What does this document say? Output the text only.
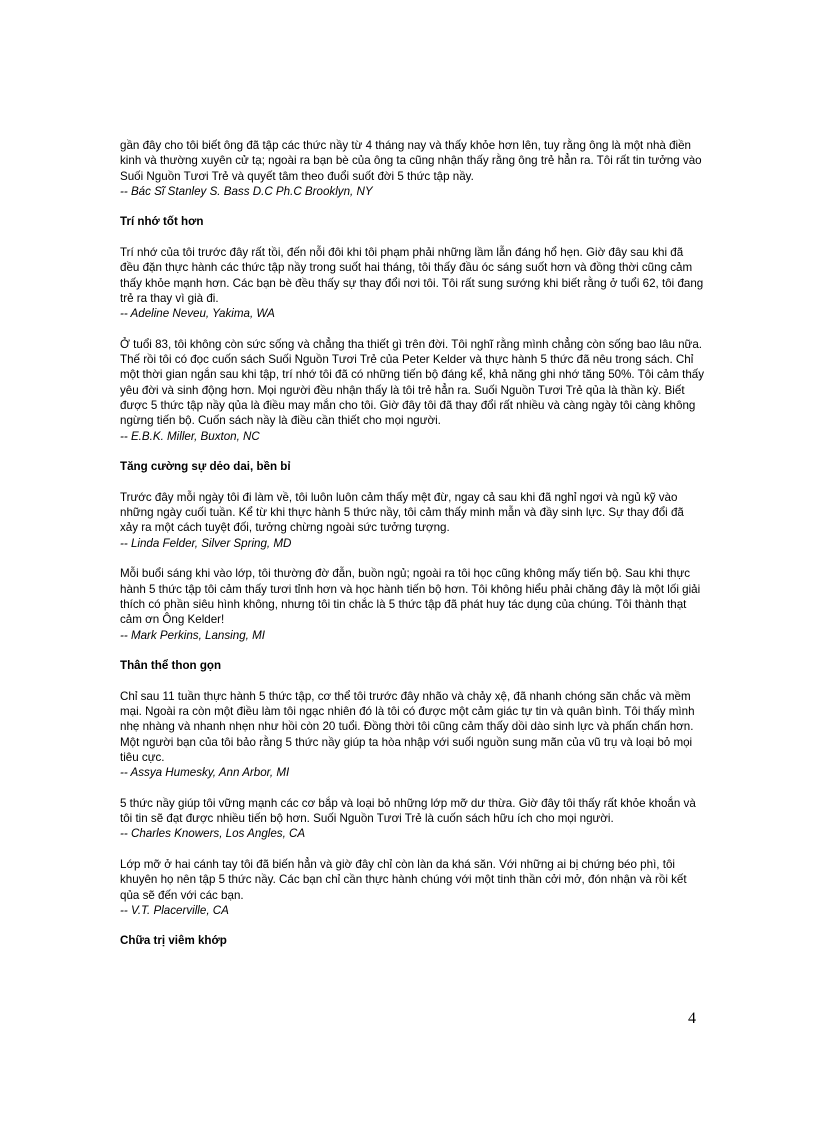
gần đây cho tôi biết ông đã tập các thức nầy từ 4 tháng nay và thấy khỏe hơn lên, tuy rằng ông là một nhà điền kinh và thường xuyên cử tạ; ngoài ra bạn bè của ông ta cũng nhận thấy rằng ông trẻ hẳn ra. Tôi rất tin tưởng vào Suối Nguồn Tươi Trẻ và quyết tâm theo đuổi suốt đời 5 thức tập nầy.
-- Bác Sĩ Stanley S. Bass D.C Ph.C Brooklyn, NY
Trí nhớ tốt hơn
Trí nhớ của tôi trước đây rất tồi, đến nỗi đôi khi tôi phạm phải những lầm lẫn đáng hổ hẹn. Giờ đây sau khi đã đều đặn thực hành các thức tập nầy trong suốt hai tháng, tôi thấy đầu óc sáng suốt hơn và đồng thời cũng cảm thấy khỏe mạnh hơn. Các bạn bè đều thấy sự thay đổi nơi tôi. Tôi rất sung sướng khi biết rằng ở tuổi 62, tôi đang trẻ ra thay vì già đi.
-- Adeline Neveu, Yakima, WA
Ở tuổi 83, tôi không còn sức sống và chẳng tha thiết gì trên đời. Tôi nghĩ rằng mình chẳng còn sống bao lâu nữa. Thế rồi tôi có đọc cuốn sách Suối Nguồn Tươi Trẻ của Peter Kelder và thực hành 5 thức đã nêu trong sách. Chỉ một thời gian ngắn sau khi tập, trí nhớ tôi đã có những tiến bộ đáng kể, khả năng ghi nhớ tăng 50%. Tôi cảm thấy yêu đời và sinh động hơn. Mọi người đều nhận thấy là tôi trẻ hẳn ra. Suối Nguồn Tươi Trẻ qủa là thần kỳ. Biết được 5 thức tập nầy qủa là điều may mắn cho tôi. Giờ đây tôi đã thay đổi rất nhiều và càng ngày tôi càng không ngừng tiến bộ. Cuốn sách nầy là điều cần thiết cho mọi người.
-- E.B.K. Miller, Buxton, NC
Tăng cường sự dẻo dai, bền bỉ
Trước đây mỗi ngày tôi đi làm về, tôi luôn luôn cảm thấy mệt đừ, ngay cả sau khi đã nghỉ ngơi và ngủ kỹ vào những ngày cuối tuần. Kể từ khi thực hành 5 thức nầy, tôi cảm thấy minh mẫn và đầy sinh lực. Sự thay đổi đã xảy ra một cách tuyệt đối, tưởng chừng ngoài sức tưởng tượng.
-- Linda Felder, Silver Spring, MD
Mỗi buổi sáng khi vào lớp, tôi thường đờ đẫn, buồn ngủ; ngoài ra tôi học cũng không mấy tiến bộ. Sau khi thực hành 5 thức tập tôi cảm thấy tươi tỉnh hơn và học hành tiến bộ hơn. Tôi không hiểu phải chăng đây là một lối giải thích có phần siêu hình không, nhưng tôi tin chắc là 5 thức tập đã phát huy tác dụng của chúng. Tôi thành thạt cảm ơn Ông Kelder!
-- Mark Perkins, Lansing, MI
Thân thể thon gọn
Chỉ sau 11 tuần thực hành 5 thức tập, cơ thể tôi trước đây nhão và chảy xệ, đã nhanh chóng săn chắc và mềm mại. Ngoài ra còn một điều làm tôi ngạc nhiên đó là tôi có được một cảm giác tự tin và quân bình. Tôi thấy mình nhẹ nhàng và nhanh nhẹn như hồi còn 20 tuổi. Đồng thời tôi cũng cảm thấy dồi dào sinh lực và phấn chấn hơn. Một người bạn của tôi bảo rằng 5 thức nầy giúp ta hòa nhập với suối nguồn sung mãn của vũ trụ và loại bỏ mọi tiêu cực.
-- Assya Humesky, Ann Arbor, MI
5 thức nầy giúp tôi vững mạnh các cơ bắp và loại bỏ những lớp mỡ dư thừa. Giờ đây tôi thấy rất khỏe khoắn và tôi tin sẽ đạt được nhiều tiến bộ hơn. Suối Nguồn Tươi Trẻ là cuốn sách hữu ích cho mọi người.
-- Charles Knowers, Los Angles, CA
Lớp mỡ ở hai cánh tay tôi đã biến hẳn và giờ đây chỉ còn làn da khá săn. Với những ai bị chứng béo phì, tôi khuyên họ nên tập 5 thức nầy. Các bạn chỉ cần thực hành chúng với một tinh thần cởi mở, đón nhận và rồi kết qủa sẽ đến với các bạn.
-- V.T. Placerville, CA
Chữa trị viêm khớp
4
